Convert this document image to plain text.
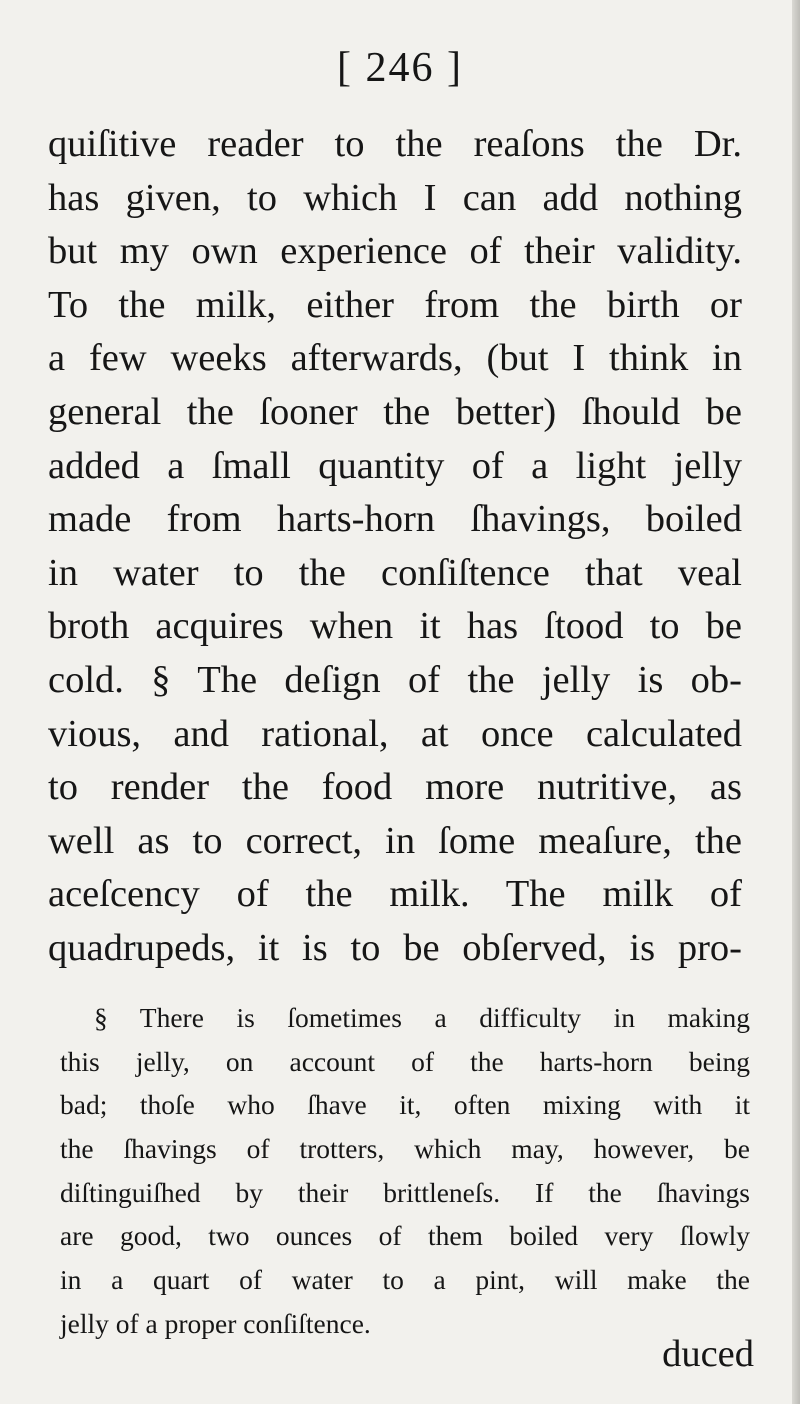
[ 246 ]
quiſitive reader to the reaſons the Dr.
has given, to which I can add nothing
but my own experience of their validity.
To the milk, either from the birth or
a few weeks afterwards, (but I think in
general the ſooner the better) ſhould be
added a ſmall quantity of a light jelly
made from harts-horn ſhavings, boiled
in water to the conſiſtence that veal
broth acquires when it has ſtood to be
cold. § The deſign of the jelly is ob-
vious, and rational, at once calculated
to render the food more nutritive, as
well as to correct, in ſome meaſure, the
aceſcency of the milk. The milk of
quadrupeds, it is to be obſerved, is pro-
§ There is ſometimes a difficulty in making
this jelly, on account of the harts-horn being
bad; thoſe who ſhave it, often mixing with it
the ſhavings of trotters, which may, however, be
diſtinguiſhed by their brittleneſs. If the ſhavings
are good, two ounces of them boiled very ſlowly
in a quart of water to a pint, will make the
jelly of a proper conſiſtence.
duced
